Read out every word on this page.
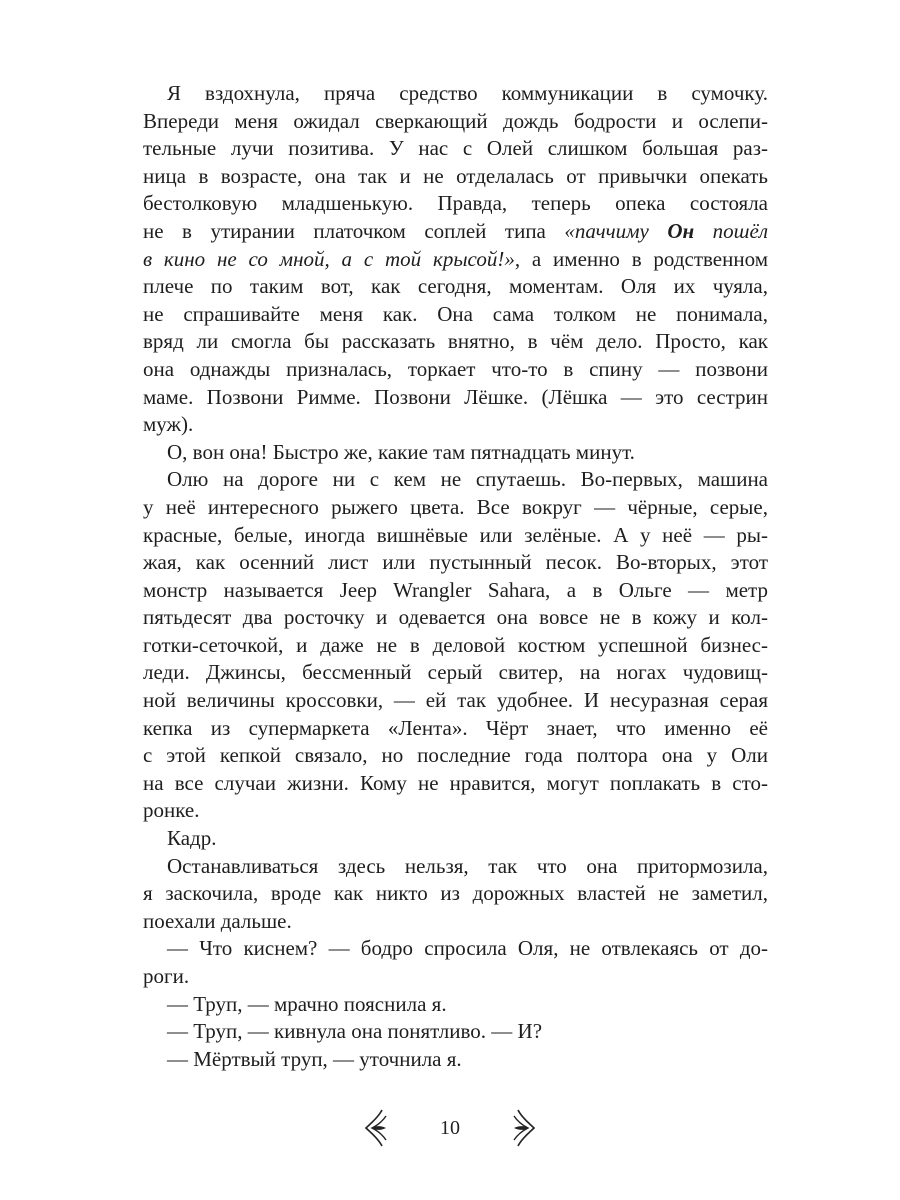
Я вздохнула, пряча средство коммуникации в сумочку.
Впереди меня ожидал сверкающий дождь бодрости и ослепи-
тельные лучи позитива. У нас с Олей слишком большая раз-
ница в возрасте, она так и не отделалась от привычки опекать
бестолковую младшенькую. Правда, теперь опека состояла
не в утирании платочком соплей типа «паччиму Он пошёл
в кино не со мной, а с той крысой!», а именно в родственном
плече по таким вот, как сегодня, моментам. Оля их чуяла,
не спрашивайте меня как. Она сама толком не понимала,
вряд ли смогла бы рассказать внятно, в чём дело. Просто, как
она однажды призналась, торкает что-то в спину — позвони
маме. Позвони Римме. Позвони Лёшке. (Лёшка — это сестрин
муж).
О, вон она! Быстро же, какие там пятнадцать минут.
Олю на дороге ни с кем не спутаешь. Во-первых, машина
у неё интересного рыжего цвета. Все вокруг — чёрные, серые,
красные, белые, иногда вишнёвые или зелёные. А у неё — ры-
жая, как осенний лист или пустынный песок. Во-вторых, этот
монстр называется Jeep Wrangler Sahara, а в Ольге — метр
пятьдесят два росточку и одевается она вовсе не в кожу и кол-
готки-сеточкой, и даже не в деловой костюм успешной бизнес-
леди. Джинсы, бессменный серый свитер, на ногах чудовищ-
ной величины кроссовки, — ей так удобнее. И несуразная серая
кепка из супермаркета «Лента». Чёрт знает, что именно её
с этой кепкой связало, но последние года полтора она у Оли
на все случаи жизни. Кому не нравится, могут поплакать в сто-
ронке.
Кадр.
Останавливаться здесь нельзя, так что она притормозила,
я заскочила, вроде как никто из дорожных властей не заметил,
поехали дальше.
— Что киснем? — бодро спросила Оля, не отвлекаясь от до-
роги.
— Труп, — мрачно пояснила я.
— Труп, — кивнула она понятливо. — И?
— Мёртвый труп, — уточнила я.
10
